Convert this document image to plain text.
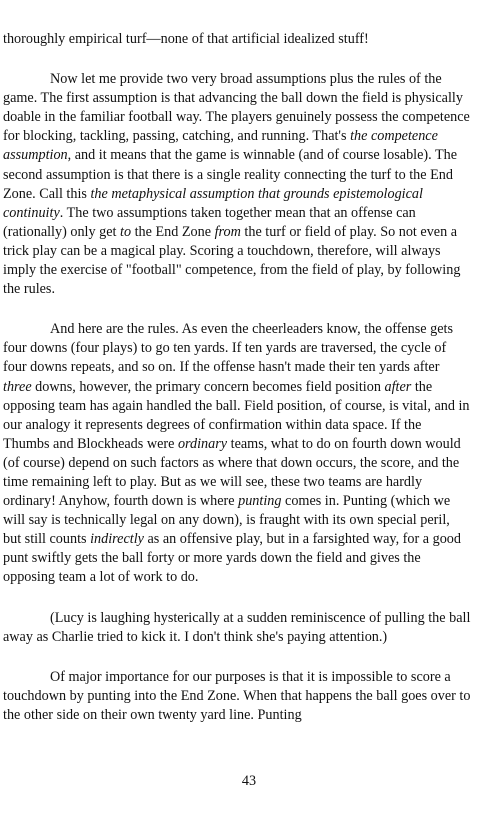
thoroughly empirical turf—none of that artificial idealized stuff!

Now let me provide two very broad assumptions plus the rules of the game. The first assumption is that advancing the ball down the field is physically doable in the familiar football way. The players genuinely possess the competence for blocking, tackling, passing, catching, and running. That's the competence assumption, and it means that the game is winnable (and of course losable). The second assumption is that there is a single reality connecting the turf to the End Zone. Call this the metaphysical assumption that grounds epistemological continuity. The two assumptions taken together mean that an offense can (rationally) only get to the End Zone from the turf or field of play. So not even a trick play can be a magical play. Scoring a touchdown, therefore, will always imply the exercise of "football" competence, from the field of play, by following the rules.

And here are the rules. As even the cheerleaders know, the offense gets four downs (four plays) to go ten yards. If ten yards are traversed, the cycle of four downs repeats, and so on. If the offense hasn't made their ten yards after three downs, however, the primary concern becomes field position after the opposing team has again handled the ball. Field position, of course, is vital, and in our analogy it represents degrees of confirmation within data space. If the Thumbs and Blockheads were ordinary teams, what to do on fourth down would (of course) depend on such factors as where that down occurs, the score, and the time remaining left to play. But as we will see, these two teams are hardly ordinary! Anyhow, fourth down is where punting comes in. Punting (which we will say is technically legal on any down), is fraught with its own special peril, but still counts indirectly as an offensive play, but in a farsighted way, for a good punt swiftly gets the ball forty or more yards down the field and gives the opposing team a lot of work to do.

(Lucy is laughing hysterically at a sudden reminiscence of pulling the ball away as Charlie tried to kick it. I don't think she's paying attention.)

Of major importance for our purposes is that it is impossible to score a touchdown by punting into the End Zone. When that happens the ball goes over to the other side on their own twenty yard line. Punting

43
